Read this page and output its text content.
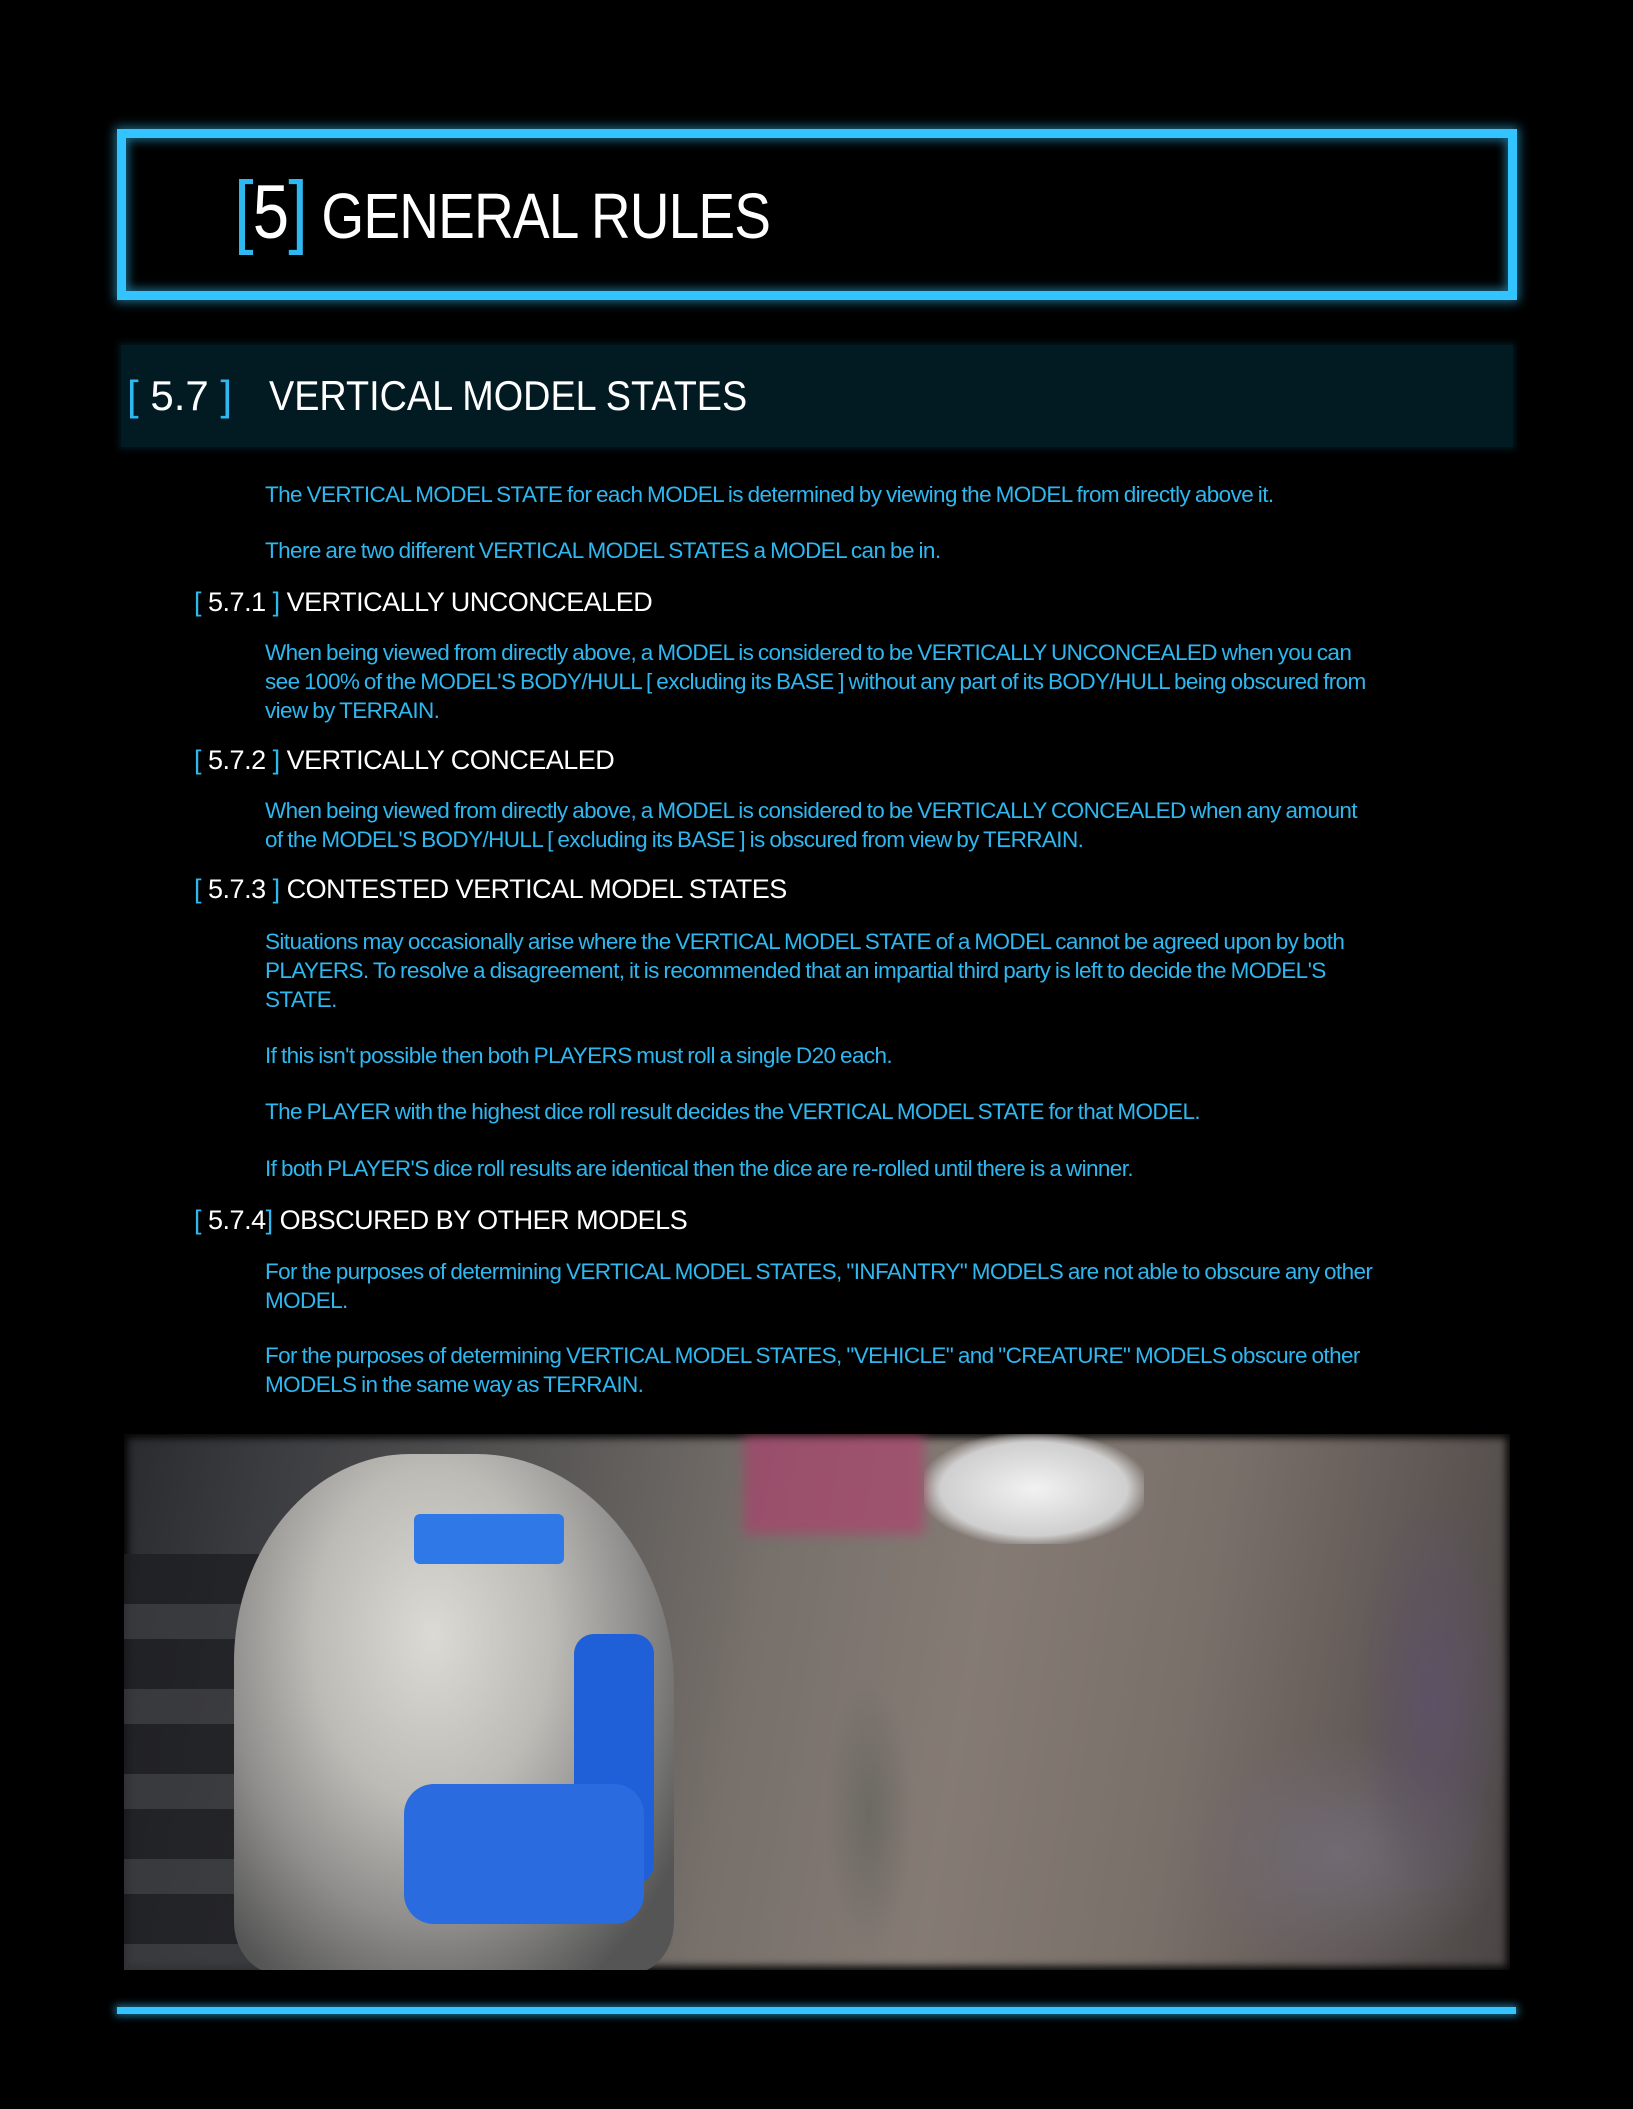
[5] GENERAL RULES
[ 5.7 ] VERTICAL MODEL STATES

The VERTICAL MODEL STATE for each MODEL is determined by viewing the MODEL from directly above it.

There are two different VERTICAL MODEL STATES a MODEL can be in.

[ 5.7.1 ] VERTICALLY UNCONCEALED

When being viewed from directly above, a MODEL is considered to be VERTICALLY UNCONCEALED when you can see 100% of the MODEL'S BODY/HULL [ excluding its BASE ] without any part of its BODY/HULL being obscured from view by TERRAIN.

[ 5.7.2 ] VERTICALLY CONCEALED

When being viewed from directly above, a MODEL is considered to be VERTICALLY CONCEALED when any amount of the MODEL'S BODY/HULL [ excluding its BASE ] is obscured from view by TERRAIN.

[ 5.7.3 ] CONTESTED VERTICAL MODEL STATES

Situations may occasionally arise where the VERTICAL MODEL STATE of a MODEL cannot be agreed upon by both PLAYERS. To resolve a disagreement, it is recommended that an impartial third party is left to decide the MODEL'S STATE.

If this isn't possible then both PLAYERS must roll a single D20 each.

The PLAYER with the highest dice roll result decides the VERTICAL MODEL STATE for that MODEL.

If both PLAYER'S dice roll results are identical then the dice are re-rolled until there is a winner.

[ 5.7.4] OBSCURED BY OTHER MODELS

For the purposes of determining VERTICAL MODEL STATES, "INFANTRY" MODELS are not able to obscure any other MODEL.

For the purposes of determining VERTICAL MODEL STATES, "VEHICLE" and "CREATURE" MODELS obscure other MODELS in the same way as TERRAIN.
